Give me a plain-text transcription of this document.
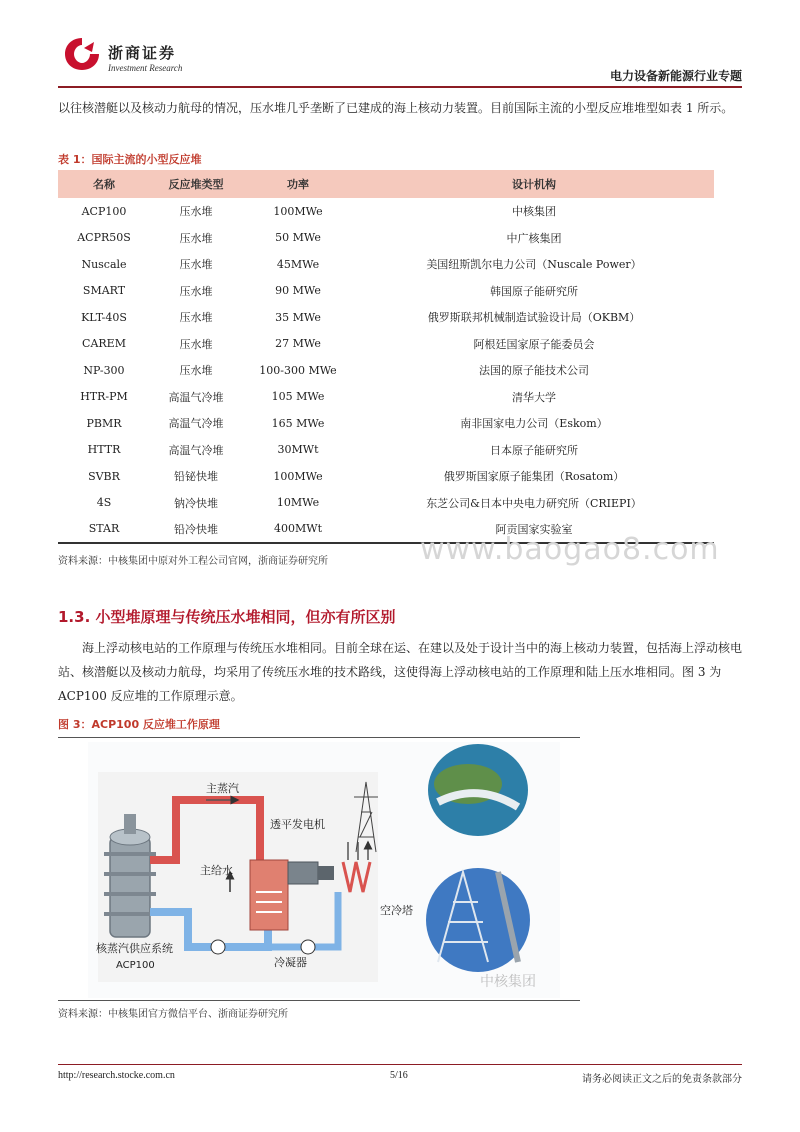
浙商证券
Investment Research
电力设备新能源行业专题
以往核潜艇以及核动力航母的情况，压水堆几乎垄断了已建成的海上核动力装置。目前国际主流的小型反应堆堆型如表 1 所示。
表 1：国际主流的小型反应堆
名称	反应堆类型	功率	设计机构
ACP100	压水堆	100MWe	中核集团
ACPR50S	压水堆	50 MWe	中广核集团
Nuscale	压水堆	45MWe	美国纽斯凯尔电力公司（Nuscale Power）
SMART	压水堆	90 MWe	韩国原子能研究所
KLT-40S	压水堆	35 MWe	俄罗斯联邦机械制造试验设计局（OKBM）
CAREM	压水堆	27 MWe	阿根廷国家原子能委员会
NP-300	压水堆	100-300 MWe	法国的原子能技术公司
HTR-PM	高温气冷堆	105 MWe	清华大学
PBMR	高温气冷堆	165 MWe	南非国家电力公司（Eskom）
HTTR	高温气冷堆	30MWt	日本原子能研究所
SVBR	铅铋快堆	100MWe	俄罗斯国家原子能集团（Rosatom）
4S	钠冷快堆	10MWe	东芝公司&日本中央电力研究所（CRIEPI）
STAR	铅冷快堆	400MWt	阿贡国家实验室
资料来源：中核集团中原对外工程公司官网，浙商证券研究所	www.baogao8.com
1.3. 小型堆原理与传统压水堆相同，但亦有所区别
海上浮动核电站的工作原理与传统压水堆相同。目前全球在运、在建以及处于设计当中的海上核动力装置，包括海上浮动核电站、核潜艇以及核动力航母，均采用了传统压水堆的技术路线，这使得海上浮动核电站的工作原理和陆上压水堆相同。图 3 为 ACP100 反应堆的工作原理示意。
图 3：ACP100 反应堆工作原理
主蒸汽
透平发电机
主给水
空冷塔
冷凝器
核蒸汽供应系统
ACP100
中核集团
资料来源：中核集团官方微信平台、浙商证券研究所
http://research.stocke.com.cn	5/16	请务必阅读正文之后的免责条款部分
